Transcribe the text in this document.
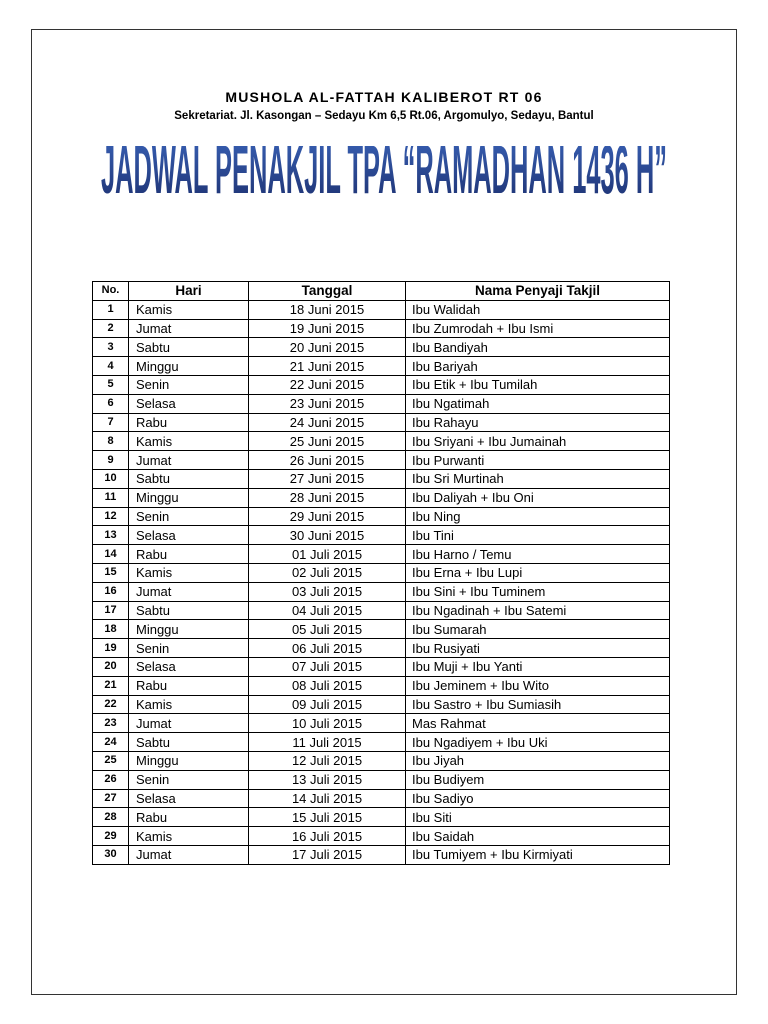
MUSHOLA AL-FATTAH KALIBEROT RT 06
Sekretariat. Jl. Kasongan – Sedayu Km 6,5 Rt.06, Argomulyo, Sedayu, Bantul
JADWAL PENAKJIL TPA “RAMADHAN 1436 H”
No.	Hari	Tanggal	Nama Penyaji Takjil
1	Kamis	18 Juni 2015	Ibu Walidah
2	Jumat	19 Juni 2015	Ibu Zumrodah + Ibu Ismi
3	Sabtu	20 Juni 2015	Ibu Bandiyah
4	Minggu	21 Juni 2015	Ibu Bariyah
5	Senin	22 Juni 2015	Ibu Etik + Ibu Tumilah
6	Selasa	23 Juni 2015	Ibu Ngatimah
7	Rabu	24 Juni 2015	Ibu Rahayu
8	Kamis	25 Juni 2015	Ibu Sriyani + Ibu Jumainah
9	Jumat	26 Juni 2015	Ibu Purwanti
10	Sabtu	27 Juni 2015	Ibu Sri Murtinah
11	Minggu	28 Juni 2015	Ibu Daliyah + Ibu Oni
12	Senin	29 Juni 2015	Ibu Ning
13	Selasa	30 Juni 2015	Ibu Tini
14	Rabu	01 Juli 2015	Ibu Harno / Temu
15	Kamis	02 Juli 2015	Ibu Erna + Ibu Lupi
16	Jumat	03 Juli 2015	Ibu Sini + Ibu Tuminem
17	Sabtu	04 Juli 2015	Ibu Ngadinah + Ibu Satemi
18	Minggu	05 Juli 2015	Ibu Sumarah
19	Senin	06 Juli 2015	Ibu Rusiyati
20	Selasa	07 Juli 2015	Ibu Muji + Ibu Yanti
21	Rabu	08 Juli 2015	Ibu Jeminem + Ibu Wito
22	Kamis	09 Juli 2015	Ibu Sastro + Ibu Sumiasih
23	Jumat	10 Juli 2015	Mas Rahmat
24	Sabtu	11 Juli 2015	Ibu Ngadiyem + Ibu Uki
25	Minggu	12 Juli 2015	Ibu Jiyah
26	Senin	13 Juli 2015	Ibu Budiyem
27	Selasa	14 Juli 2015	Ibu Sadiyo
28	Rabu	15 Juli 2015	Ibu Siti
29	Kamis	16 Juli 2015	Ibu Saidah
30	Jumat	17 Juli 2015	Ibu Tumiyem + Ibu Kirmiyati
